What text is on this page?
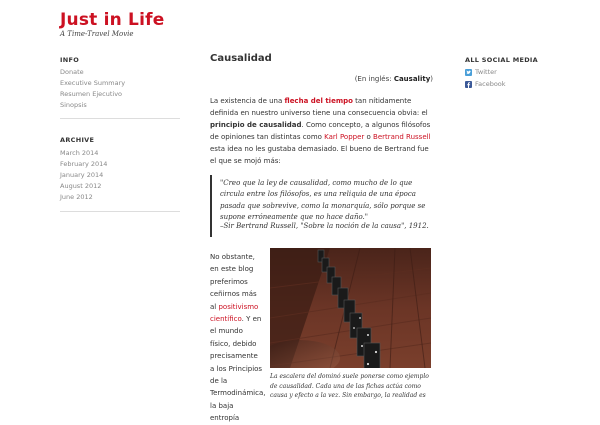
Just in Life
A Time-Travel Movie
INFO
Donate
Executive Summary
Resumen Ejecutivo
Sinopsis
ARCHIVE
March 2014
February 2014
January 2014
August 2012
June 2012
Causalidad
(En inglés: Causality)
La existencia de una flecha del tiempo tan nítidamente definida en nuestro universo tiene una consecuencia obvia: el principio de causalidad. Como concepto, a algunos filósofos de opiniones tan distintas como Karl Popper o Bertrand Russell esta idea no les gustaba demasiado. El bueno de Bertrand fue el que se mojó más:
"Creo que la ley de causalidad, como mucho de lo que circula entre los filósofos, es una reliquia de una época pasada que sobrevive, como la monarquía, sólo porque se supone erróneamente que no hace daño."
–Sir Bertrand Russell, "Sobre la noción de la causa", 1912.
No obstante, en este blog preferimos ceñirnos más al positivismo científico. Y en el mundo físico, debido precisamente a los Principios de la Termodinámica, la baja entropía
La escalera del dominó suele ponerse como ejemplo de causalidad. Cada una de las fichas actúa como causa y efecto a la vez. Sin embargo, la realidad es
ALL SOCIAL MEDIA
Twitter
Facebook
